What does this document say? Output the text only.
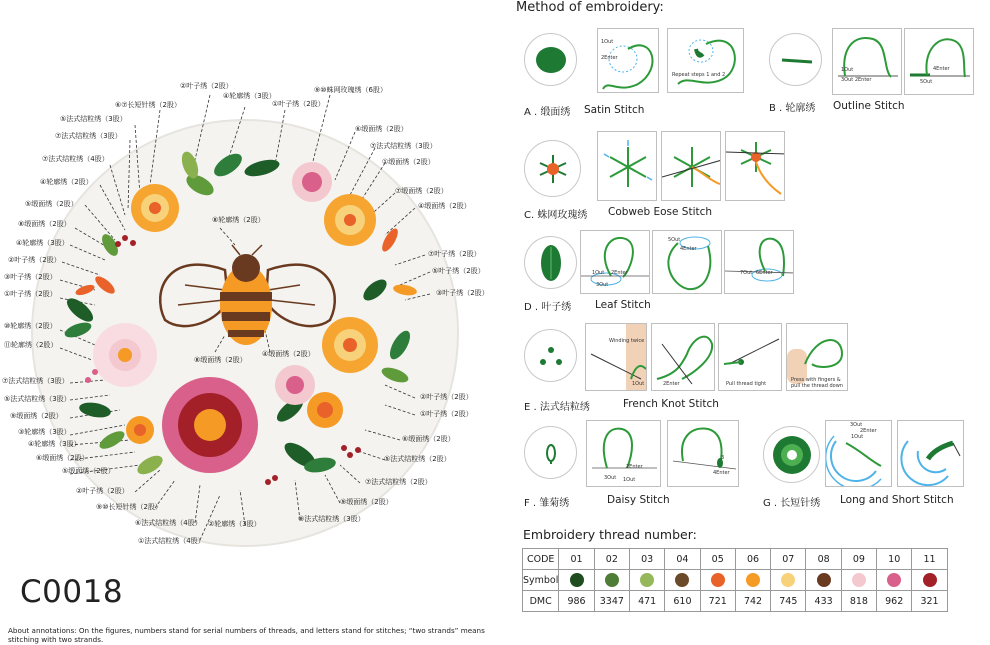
②叶子绣（2股）
④轮廓绣（3股）
①叶子绣（2股）
⑨⑩蛛网玫瑰绣（6股）
⑥⑦长短针绣（2股）
⑤法式结粒绣（3股）
⑦法式结粒绣（3股）
⑦法式结粒绣（4股）
④轮廓绣（2股）
⑤缎面绣（2股）
⑧缎面绣（2股）
④轮廓绣（3股）
②叶子绣（2股）
③叶子绣（2股）
①叶子绣（2股）
⑩轮廓绣（2股）
⑪轮廓绣（2股）
⑦法式结粒绣（3股）
⑤法式结粒绣（3股）
⑨缎面绣（2股）
③轮廓绣（3股）
④轮廓绣（3股）
⑥缎面绣（2股）
⑤缎面绣（2股）
②叶子绣（2股）
⑨⑩长短针绣（2股）
⑥法式结粒绣（4股）
①法式结粒绣（4股）
②轮廓绣（3股）
⑥缎面绣（2股）
⑦法式结粒绣（3股）
①缎面绣（2股）
⑦缎面绣（2股）
④缎面绣（2股）
⑦叶子绣（2股）
⑤叶子绣（2股）
③叶子绣（2股）
②叶子绣（2股）
①叶子绣（2股）
⑥缎面绣（2股）
⑤法式结粒绣（2股）
⑦法式结粒绣（2股）
⑨缎面绣（2股）
⑨法式结粒绣（3股）
⑧轮廓绣（2股）
⑧缎面绣（2股）
④缎面绣（2股）
C0018
About annotations: On the figures, numbers stand for serial numbers of threads, and letters stand for stitches; “two strands” means stitching with two strands.
Method of embroidery:
1Out
2Enter
Repeat steps 1 and 2
A . 缎面绣 Satin Stitch
1Out
3Out 2Enter
4Enter
5Out
B . 轮廓绣 Outline Stitch
C. 蛛网玫瑰绣 Cobweb Eose Stitch
1Out 2Enter
3Out
5Out
4Enter
7Out 6Enter
D . 叶子绣 Leaf Stitch
Winding twice
1Out	2Enter	Pull thread tight
Press with fingers & pull the thread down
E . 法式结粒绣	French Knot Stitch
2Enter
3Out 1Out
3
4Enter
F . 雏菊绣	Daisy Stitch
3Out
2Enter
1Out
G . 长短针绣 Long and Short Stitch
Embroidery thread number:
CODE	01	02	03	04	05	06	07	08	09	10	11
Symbol											
DMC	986	3347	471	610	721	742	745	433	818	962	321
